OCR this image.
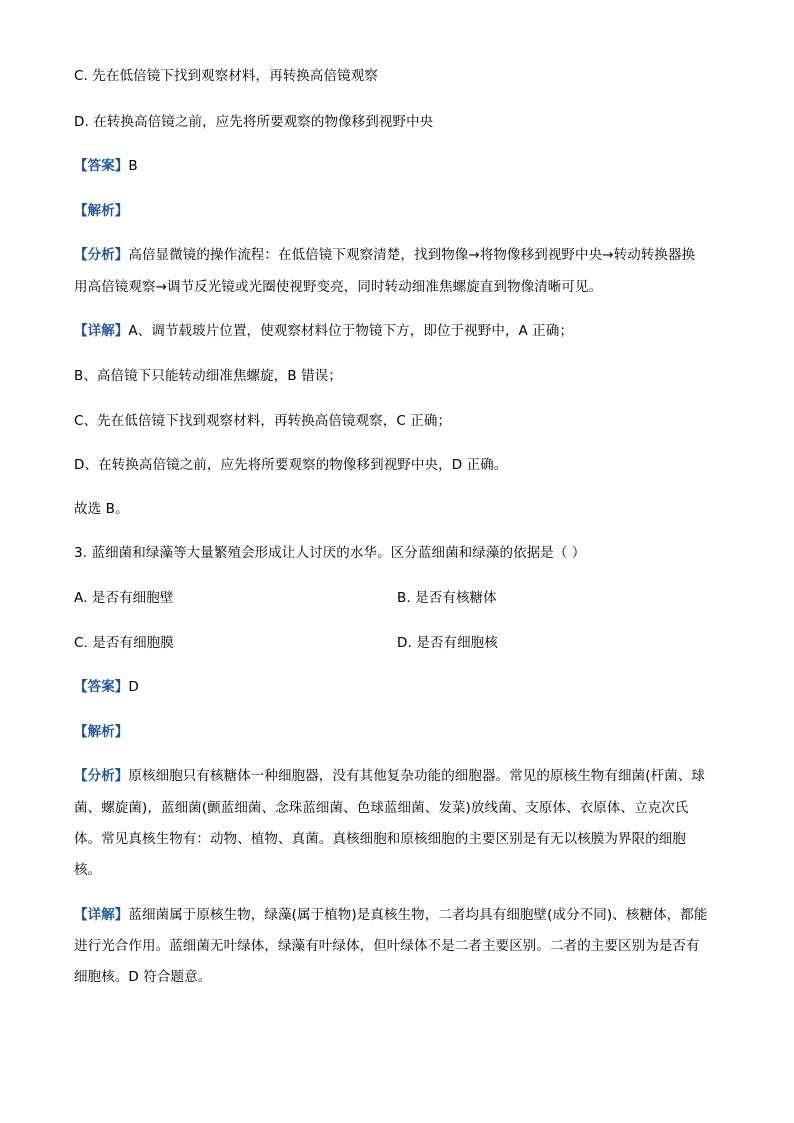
C. 先在低倍镜下找到观察材料，再转换高倍镜观察
D. 在转换高倍镜之前，应先将所要观察的物像移到视野中央
【答案】B
【解析】
【分析】高倍显微镜的操作流程：在低倍镜下观察清楚，找到物像→将物像移到视野中央→转动转换器换
用高倍镜观察→调节反光镜或光圈使视野变亮，同时转动细准焦螺旋直到物像清晰可见。
【详解】A、调节载玻片位置，使观察材料位于物镜下方，即位于视野中，A 正确；
B、高倍镜下只能转动细准焦螺旋，B 错误；
C、先在低倍镜下找到观察材料，再转换高倍镜观察，C 正确；
D、在转换高倍镜之前，应先将所要观察的物像移到视野中央，D 正确。
故选 B。
3. 蓝细菌和绿藻等大量繁殖会形成让人讨厌的水华。区分蓝细菌和绿藻的依据是（ ）
A. 是否有细胞壁	B. 是否有核糖体
C. 是否有细胞膜	D. 是否有细胞核
【答案】D
【解析】
【分析】原核细胞只有核糖体一种细胞器，没有其他复杂功能的细胞器。常见的原核生物有细菌(杆菌、球
菌、螺旋菌)，蓝细菌(颤蓝细菌、念珠蓝细菌、色球蓝细菌、发菜)放线菌、支原体、衣原体、立克次氏
体。常见真核生物有：动物、植物、真菌。真核细胞和原核细胞的主要区别是有无以核膜为界限的细胞
核。
【详解】蓝细菌属于原核生物，绿藻(属于植物)是真核生物，二者均具有细胞壁(成分不同)、核糖体，都能
进行光合作用。蓝细菌无叶绿体，绿藻有叶绿体，但叶绿体不是二者主要区别。二者的主要区别为是否有
细胞核。D 符合题意。
